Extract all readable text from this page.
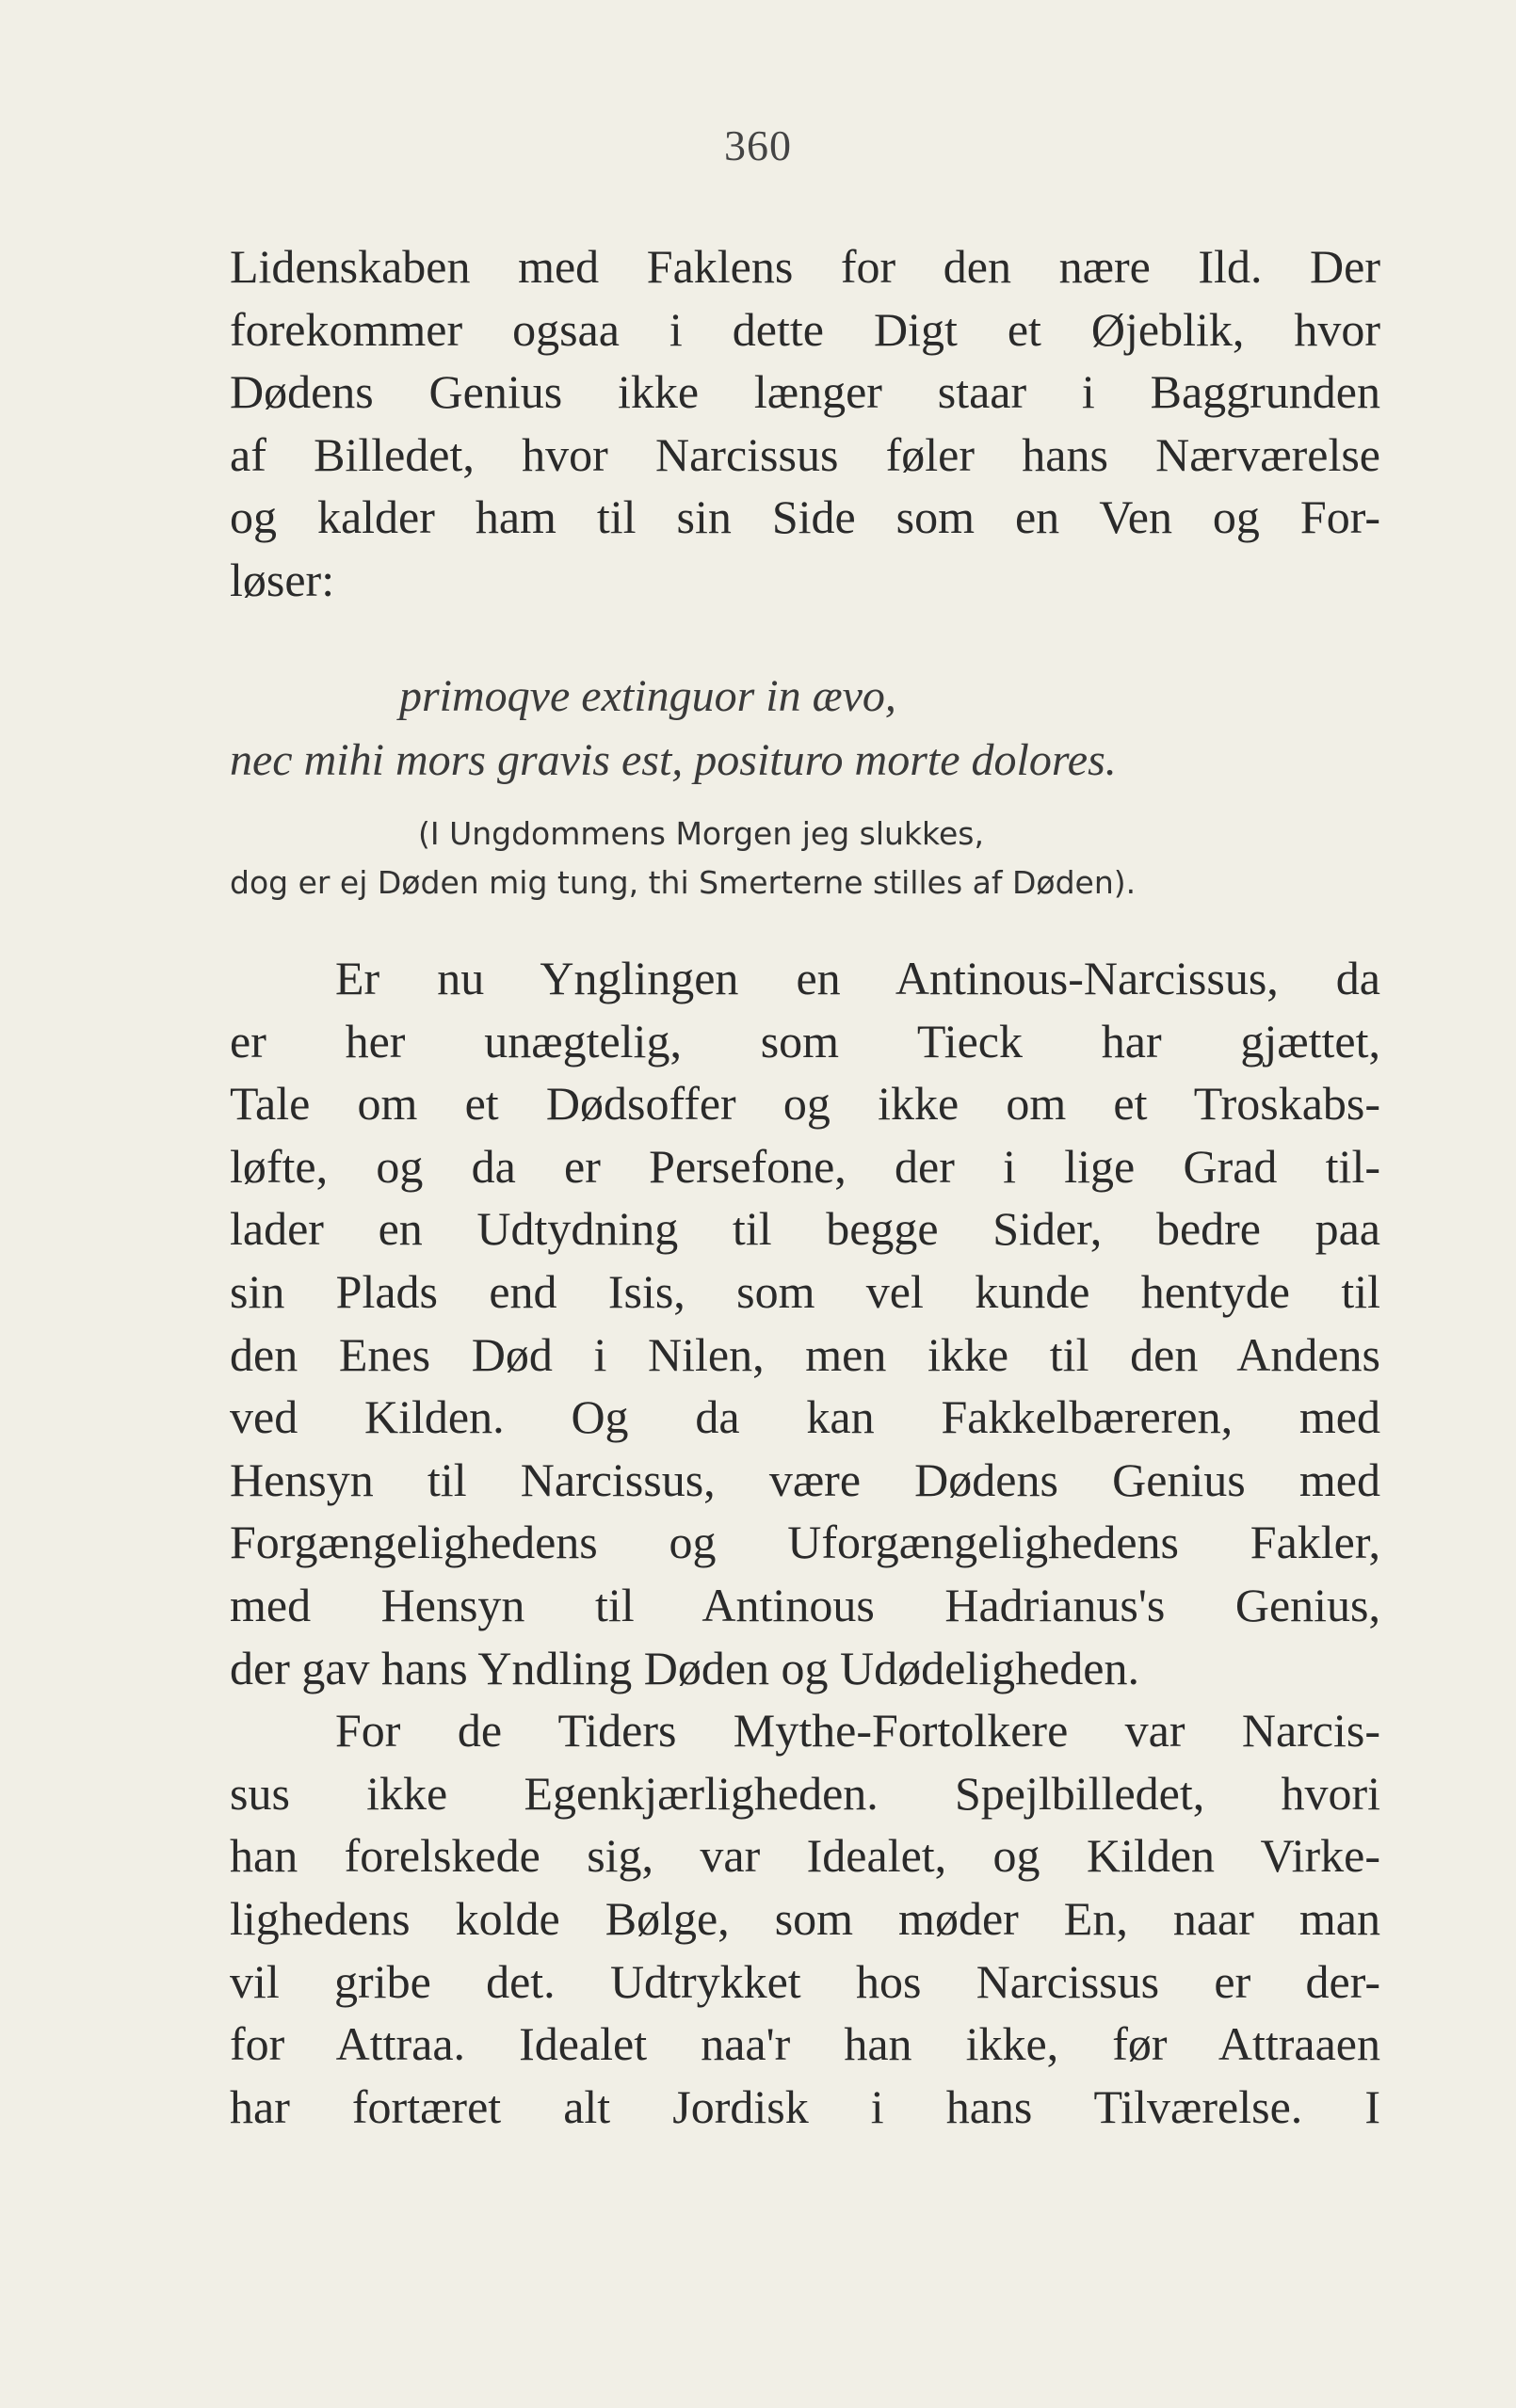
360
Lidenskaben med Faklens for den nære Ild. Der
forekommer ogsaa i dette Digt et Øjeblik, hvor
Dødens Genius ikke længer staar i Baggrunden
af Billedet, hvor Narcissus føler hans Nærværelse
og kalder ham til sin Side som en Ven og For-
løser:
primoqve extinguor in ævo,
nec mihi mors gravis est, posituro morte dolores.
(I Ungdommens Morgen jeg slukkes,
dog er ej Døden mig tung, thi Smerterne stilles af Døden).
Er nu Ynglingen en Antinous-Narcissus, da
er her unægtelig, som Tieck har gjættet,
Tale om et Dødsoffer og ikke om et Troskabs-
løfte, og da er Persefone, der i lige Grad til-
lader en Udtydning til begge Sider, bedre paa
sin Plads end Isis, som vel kunde hentyde til
den Enes Død i Nilen, men ikke til den Andens
ved Kilden. Og da kan Fakkelbæreren, med
Hensyn til Narcissus, være Dødens Genius med
Forgængelighedens og Uforgængelighedens Fakler,
med Hensyn til Antinous Hadrianus's Genius,
der gav hans Yndling Døden og Udødeligheden.
For de Tiders Mythe-Fortolkere var Narcis-
sus ikke Egenkjærligheden. Spejlbilledet, hvori
han forelskede sig, var Idealet, og Kilden Virke-
lighedens kolde Bølge, som møder En, naar man
vil gribe det. Udtrykket hos Narcissus er der-
for Attraa. Idealet naa'r han ikke, før Attraaen
har fortæret alt Jordisk i hans Tilværelse. I
